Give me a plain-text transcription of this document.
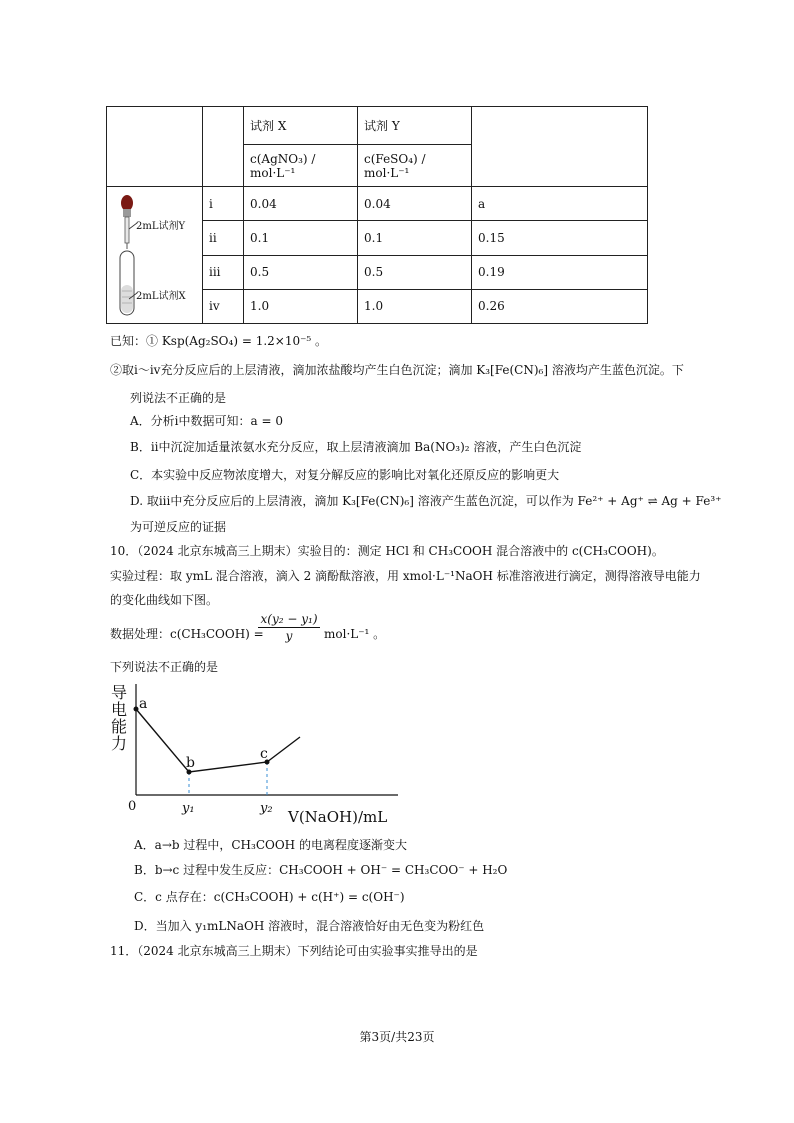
		试剂 X	试剂 Y	
		c(AgNO₃) / mol·L⁻¹	c(FeSO₄) / mol·L⁻¹	

2mL试剂Y
2mL试剂X	i	0.04	0.04	a
	ii	0.1	0.1	0.15
	iii	0.5	0.5	0.19
	iv	1.0	1.0	0.26
已知：① Ksp(Ag₂SO₄) = 1.2×10⁻⁵ 。
②取i～iv充分反应后的上层清液，滴加浓盐酸均产生白色沉淀；滴加 K₃[Fe(CN)₆] 溶液均产生蓝色沉淀。下
列说法不正确的是
A．分析i中数据可知：a = 0
B．ii中沉淀加适量浓氨水充分反应，取上层清液滴加 Ba(NO₃)₂ 溶液，产生白色沉淀
C．本实验中反应物浓度增大，对复分解反应的影响比对氧化还原反应的影响更大
D. 取iii中充分反应后的上层清液，滴加 K₃[Fe(CN)₆] 溶液产生蓝色沉淀，可以作为 Fe²⁺ + Ag⁺ ⇌ Ag + Fe³⁺
为可逆反应的证据
10．（2024 北京东城高三上期末）实验目的：测定 HCl 和 CH₃COOH 混合溶液中的 c(CH₃COOH)。
实验过程：取 ymL 混合溶液，滴入 2 滴酚酞溶液，用 xmol·L⁻¹NaOH 标准溶液进行滴定，测得溶液导电能力
的变化曲线如下图。
数据处理：c(CH₃COOH) =
x(y₂ − y₁)
y	mol·L⁻¹ 。
下列说法不正确的是
0
a
b
c
y₁	y₂ V(NaOH)/mL
导
电
能
力
A．a→b 过程中，CH₃COOH 的电离程度逐渐变大
B．b→c 过程中发生反应：CH₃COOH + OH⁻ = CH₃COO⁻ + H₂O
C．c 点存在：c(CH₃COOH) + c(H⁺) = c(OH⁻)
D．当加入 y₁mLNaOH 溶液时，混合溶液恰好由无色变为粉红色
11．（2024 北京东城高三上期末）下列结论可由实验事实推导出的是
第3页/共23页
